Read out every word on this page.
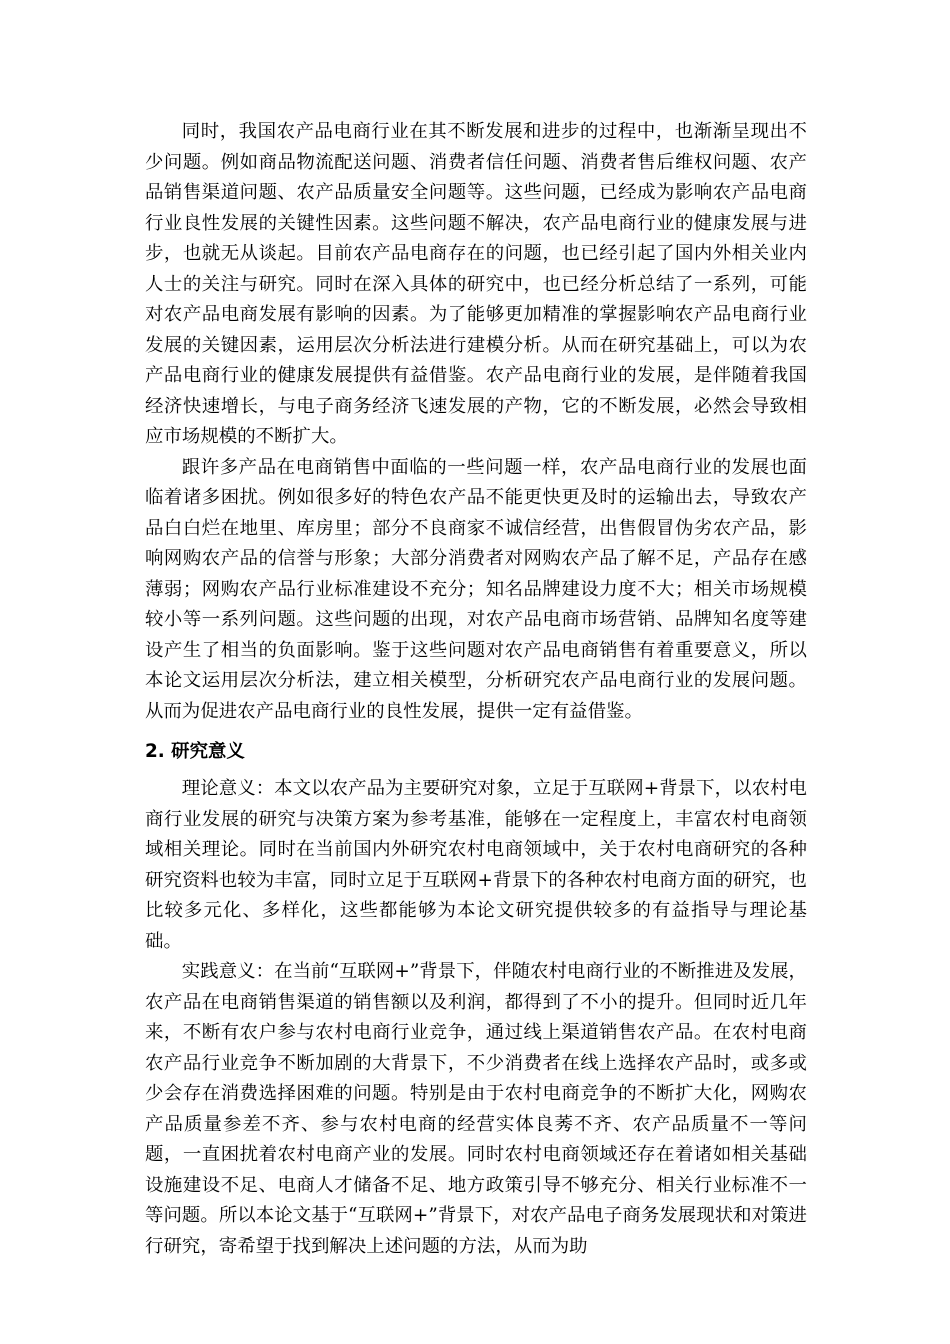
同时，我国农产品电商行业在其不断发展和进步的过程中，也渐渐呈现出不少问题。例如商品物流配送问题、消费者信任问题、消费者售后维权问题、农产品销售渠道问题、农产品质量安全问题等。这些问题，已经成为影响农产品电商行业良性发展的关键性因素。这些问题不解决，农产品电商行业的健康发展与进步，也就无从谈起。目前农产品电商存在的问题，也已经引起了国内外相关业内人士的关注与研究。同时在深入具体的研究中，也已经分析总结了一系列，可能对农产品电商发展有影响的因素。为了能够更加精准的掌握影响农产品电商行业发展的关键因素，运用层次分析法进行建模分析。从而在研究基础上，可以为农产品电商行业的健康发展提供有益借鉴。农产品电商行业的发展，是伴随着我国经济快速增长，与电子商务经济飞速发展的产物，它的不断发展，必然会导致相应市场规模的不断扩大。

跟许多产品在电商销售中面临的一些问题一样，农产品电商行业的发展也面临着诸多困扰。例如很多好的特色农产品不能更快更及时的运输出去，导致农产品白白烂在地里、库房里；部分不良商家不诚信经营，出售假冒伪劣农产品，影响网购农产品的信誉与形象；大部分消费者对网购农产品了解不足，产品存在感薄弱；网购农产品行业标准建设不充分；知名品牌建设力度不大；相关市场规模较小等一系列问题。这些问题的出现，对农产品电商市场营销、品牌知名度等建设产生了相当的负面影响。鉴于这些问题对农产品电商销售有着重要意义，所以本论文运用层次分析法，建立相关模型，分析研究农产品电商行业的发展问题。从而为促进农产品电商行业的良性发展，提供一定有益借鉴。

2. 研究意义

理论意义：本文以农产品为主要研究对象，立足于互联网+背景下，以农村电商行业发展的研究与决策方案为参考基准，能够在一定程度上，丰富农村电商领域相关理论。同时在当前国内外研究农村电商领域中，关于农村电商研究的各种研究资料也较为丰富，同时立足于互联网+背景下的各种农村电商方面的研究，也比较多元化、多样化，这些都能够为本论文研究提供较多的有益指导与理论基础。

实践意义：在当前“互联网+”背景下，伴随农村电商行业的不断推进及发展，农产品在电商销售渠道的销售额以及利润，都得到了不小的提升。但同时近几年来，不断有农户参与农村电商行业竞争，通过线上渠道销售农产品。在农村电商农产品行业竞争不断加剧的大背景下，不少消费者在线上选择农产品时，或多或少会存在消费选择困难的问题。特别是由于农村电商竞争的不断扩大化，网购农产品质量参差不齐、参与农村电商的经营实体良莠不齐、农产品质量不一等问题，一直困扰着农村电商产业的发展。同时农村电商领域还存在着诸如相关基础设施建设不足、电商人才储备不足、地方政策引导不够充分、相关行业标准不一等问题。所以本论文基于“互联网+”背景下，对农产品电子商务发展现状和对策进行研究，寄希望于找到解决上述问题的方法，从而为助
